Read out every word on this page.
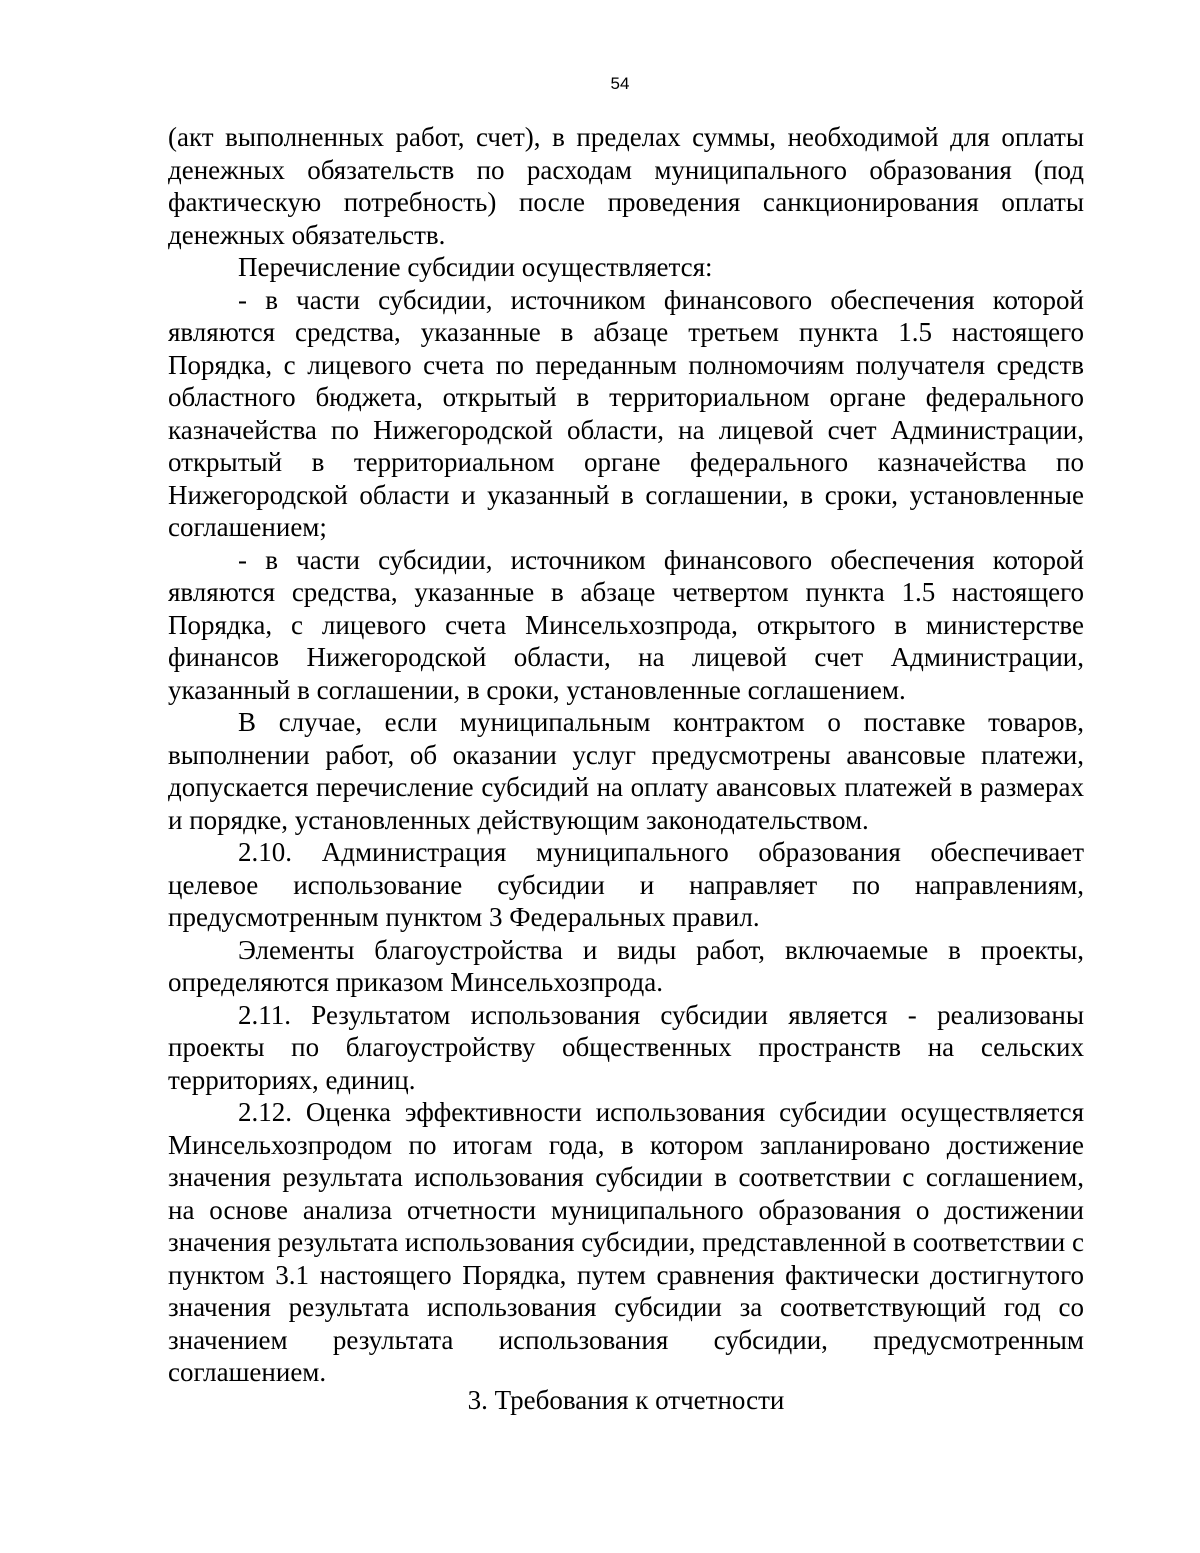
54

(акт выполненных работ, счет), в пределах суммы, необходимой для оплаты денежных обязательств по расходам муниципального образования (под фактическую потребность) после проведения санкционирования оплаты денежных обязательств.

Перечисление субсидии осуществляется:

- в части субсидии, источником финансового обеспечения которой являются средства, указанные в абзаце третьем пункта 1.5 настоящего Порядка, с лицевого счета по переданным полномочиям получателя средств областного бюджета, открытый в территориальном органе федерального казначейства по Нижегородской области, на лицевой счет Администрации, открытый в территориальном органе федерального казначейства по Нижегородской области и указанный в соглашении, в сроки, установленные соглашением;

- в части субсидии, источником финансового обеспечения которой являются средства, указанные в абзаце четвертом пункта 1.5 настоящего Порядка, с лицевого счета Минсельхозпрода, открытого в министерстве финансов Нижегородской области, на лицевой счет Администрации, указанный в соглашении, в сроки, установленные соглашением.

В случае, если муниципальным контрактом о поставке товаров, выполнении работ, об оказании услуг предусмотрены авансовые платежи, допускается перечисление субсидий на оплату авансовых платежей в размерах и порядке, установленных действующим законодательством.

2.10. Администрация муниципального образования обеспечивает целевое использование субсидии и направляет по направлениям, предусмотренным пунктом 3 Федеральных правил.

Элементы благоустройства и виды работ, включаемые в проекты, определяются приказом Минсельхозпрода.

2.11. Результатом использования субсидии является - реализованы проекты по благоустройству общественных пространств на сельских территориях, единиц.

2.12. Оценка эффективности использования субсидии осуществляется Минсельхозпродом по итогам года, в котором запланировано достижение значения результата использования субсидии в соответствии с соглашением, на основе анализа отчетности муниципального образования о достижении значения результата использования субсидии, представленной в соответствии с пунктом 3.1 настоящего Порядка, путем сравнения фактически достигнутого значения результата использования субсидии за соответствующий год со значением результата использования субсидии, предусмотренным соглашением.

3. Требования к отчетности
